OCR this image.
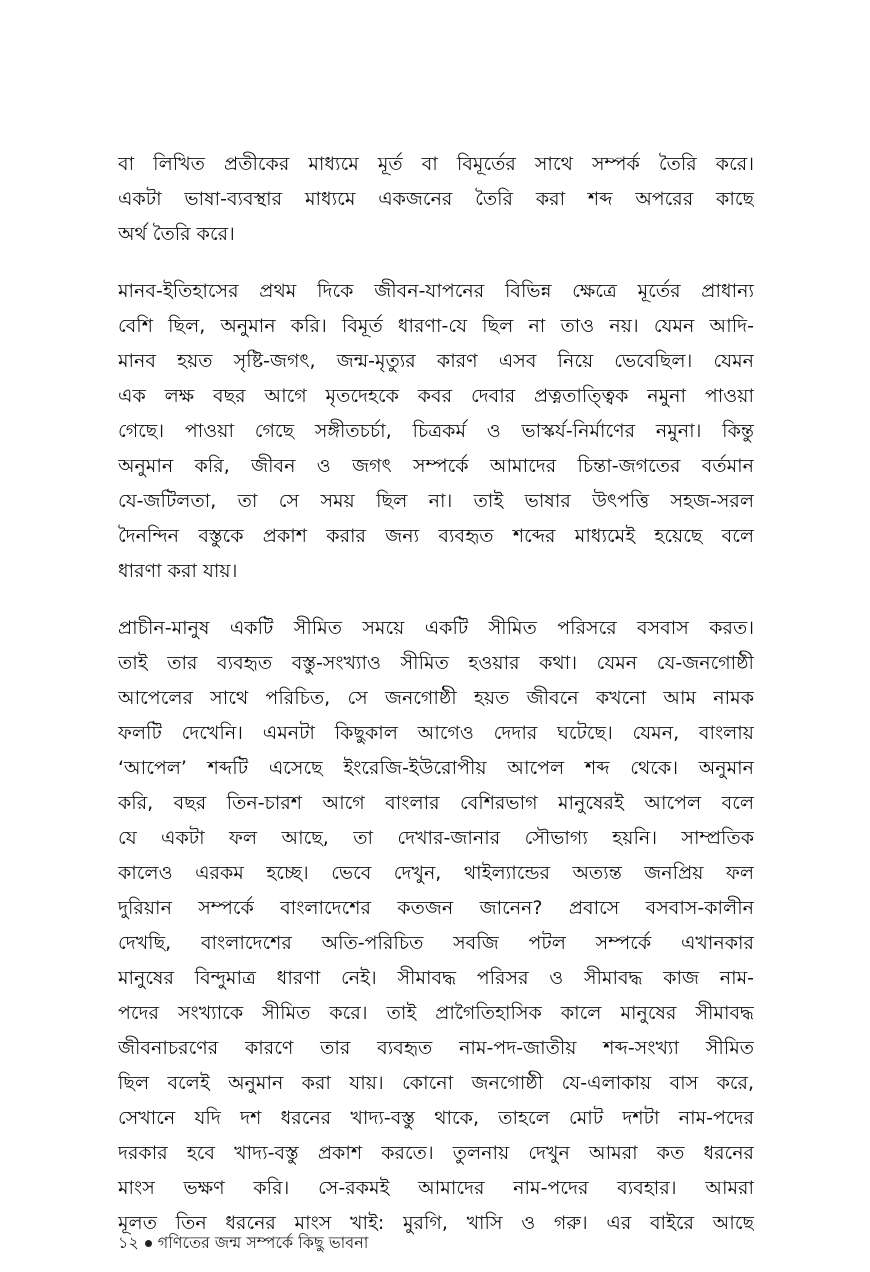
বা লিখিত প্রতীকের মাধ্যমে মূর্ত বা বিমূর্তের সাথে সম্পর্ক তৈরি করে।
একটা ভাষা-ব্যবস্থার মাধ্যমে একজনের তৈরি করা শব্দ অপরের কাছে
অর্থ তৈরি করে।

মানব-ইতিহাসের প্রথম দিকে জীবন-যাপনের বিভিন্ন ক্ষেত্রে মূর্তের প্রাধান্য
বেশি ছিল, অনুমান করি। বিমূর্ত ধারণা-যে ছিল না তাও নয়। যেমন আদি-
মানব হয়ত সৃষ্টি-জগৎ, জন্ম-মৃত্যুর কারণ এসব নিয়ে ভেবেছিল। যেমন
এক লক্ষ বছর আগে মৃতদেহকে কবর দেবার প্রত্নতাত্ত্বিক নমুনা পাওয়া
গেছে। পাওয়া গেছে সঙ্গীতচর্চা, চিত্রকর্ম ও ভাস্কর্য-নির্মাণের নমুনা। কিন্তু
অনুমান করি, জীবন ও জগৎ সম্পর্কে আমাদের চিন্তা-জগতের বর্তমান
যে-জটিলতা, তা সে সময় ছিল না। তাই ভাষার উৎপত্তি সহজ-সরল
দৈনন্দিন বস্তুকে প্রকাশ করার জন্য ব্যবহৃত শব্দের মাধ্যমেই হয়েছে বলে
ধারণা করা যায়।

প্রাচীন-মানুষ একটি সীমিত সময়ে একটি সীমিত পরিসরে বসবাস করত।
তাই তার ব্যবহৃত বস্তু-সংখ্যাও সীমিত হওয়ার কথা। যেমন যে-জনগোষ্ঠী
আপেলের সাথে পরিচিত, সে জনগোষ্ঠী হয়ত জীবনে কখনো আম নামক
ফলটি দেখেনি। এমনটা কিছুকাল আগেও দেদার ঘটেছে। যেমন, বাংলায়
‘আপেল’ শব্দটি এসেছে ইংরেজি-ইউরোপীয় আপেল শব্দ থেকে। অনুমান
করি, বছর তিন-চারশ আগে বাংলার বেশিরভাগ মানুষেরই আপেল বলে
যে একটা ফল আছে, তা দেখার-জানার সৌভাগ্য হয়নি। সাম্প্রতিক
কালেও এরকম হচ্ছে। ভেবে দেখুন, থাইল্যান্ডের অত্যন্ত জনপ্রিয় ফল
দুরিয়ান সম্পর্কে বাংলাদেশের কতজন জানেন? প্রবাসে বসবাস-কালীন
দেখছি, বাংলাদেশের অতি-পরিচিত সবজি পটল সম্পর্কে এখানকার
মানুষের বিন্দুমাত্র ধারণা নেই। সীমাবদ্ধ পরিসর ও সীমাবদ্ধ কাজ নাম-
পদের সংখ্যাকে সীমিত করে। তাই প্রাগৈতিহাসিক কালে মানুষের সীমাবদ্ধ
জীবনাচরণের কারণে তার ব্যবহৃত নাম-পদ-জাতীয় শব্দ-সংখ্যা সীমিত
ছিল বলেই অনুমান করা যায়। কোনো জনগোষ্ঠী যে-এলাকায় বাস করে,
সেখানে যদি দশ ধরনের খাদ্য-বস্তু থাকে, তাহলে মোট দশটা নাম-পদের
দরকার হবে খাদ্য-বস্তু প্রকাশ করতে। তুলনায় দেখুন আমরা কত ধরনের
মাংস ভক্ষণ করি। সে-রকমই আমাদের নাম-পদের ব্যবহার। আমরা
মূলত তিন ধরনের মাংস খাই: মুরগি, খাসি ও গরু। এর বাইরে আছে

১২ গণিতের জন্ম সম্পর্কে কিছু ভাবনা
